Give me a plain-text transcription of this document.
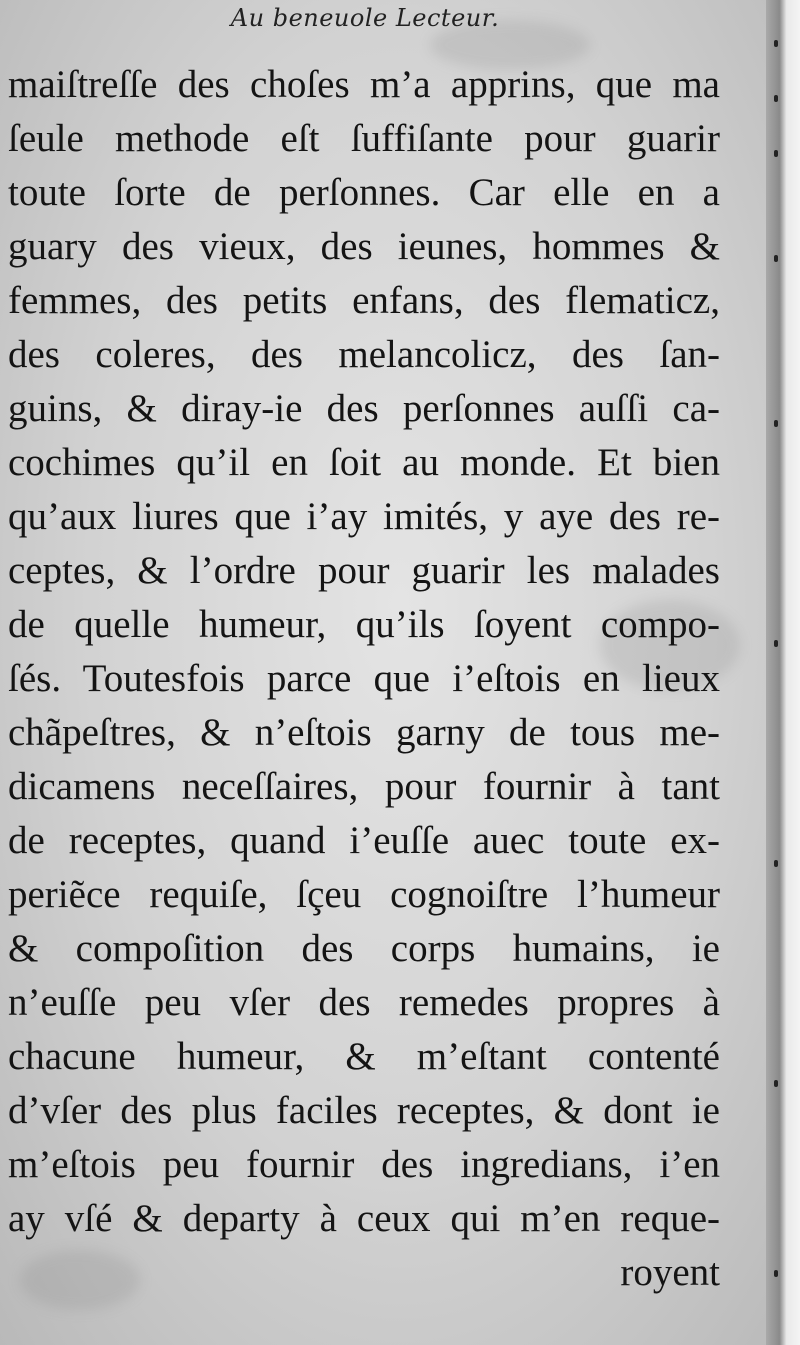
Au beneuole Lecteur.
maiſtreſſe des choſes m’a apprins, que ma
ſeule methode eſt ſuffiſante pour guarir
toute ſorte de perſonnes. Car elle en a
guary des vieux, des ieunes, hommes &
femmes, des petits enfans, des flematicz,
des coleres, des melancolicz, des ſan-
guins, & diray-ie des perſonnes auſſi ca-
cochimes qu’il en ſoit au monde. Et bien
qu’aux liures que i’ay imités, y aye des re-
ceptes, & l’ordre pour guarir les malades
de quelle humeur, qu’ils ſoyent compo-
ſés. Toutesfois parce que i’eſtois en lieux
chãpeſtres, & n’eſtois garny de tous me-
dicamens neceſſaires, pour fournir à tant
de receptes, quand i’euſſe auec toute ex-
periẽce requiſe, ſçeu cognoiſtre l’humeur
& compoſition des corps humains, ie
n’euſſe peu vſer des remedes propres à
chacune humeur, & m’eſtant contenté
d’vſer des plus faciles receptes, & dont ie
m’eſtois peu fournir des ingredians, i’en
ay vſé & departy à ceux qui m’en reque-
royent
